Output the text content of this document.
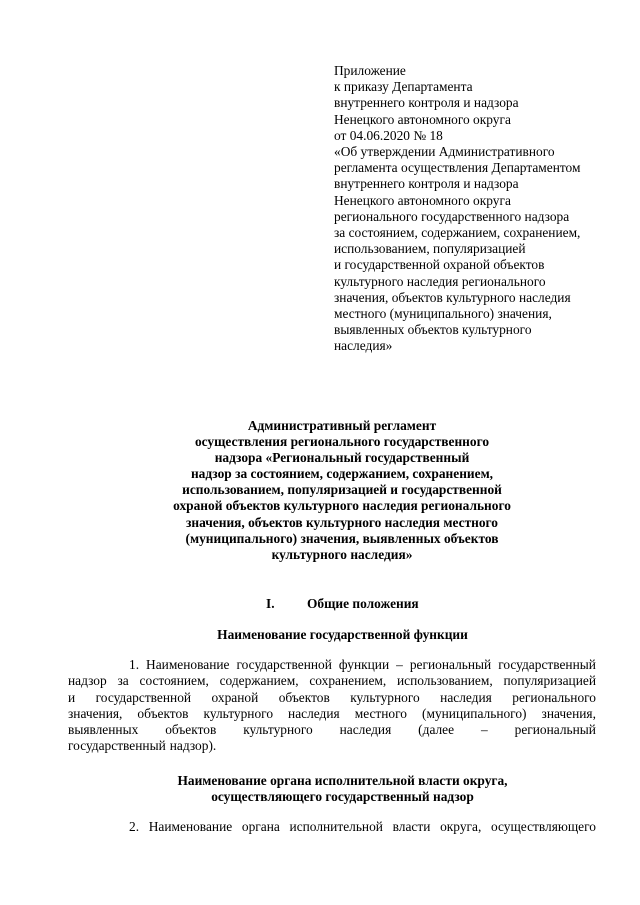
Приложение
к приказу Департамента
внутреннего контроля и надзора
Ненецкого автономного округа
от 04.06.2020 № 18
«Об утверждении Административного
регламента осуществления Департаментом
внутреннего контроля и надзора
Ненецкого автономного округа
регионального государственного надзора
за состоянием, содержанием, сохранением,
использованием, популяризацией
и государственной охраной объектов
культурного наследия регионального
значения, объектов культурного наследия
местного (муниципального) значения,
выявленных объектов культурного
наследия»
Административный регламент
осуществления регионального государственного
надзора «Региональный государственный
надзор за состоянием, содержанием, сохранением,
использованием, популяризацией и государственной
охраной объектов культурного наследия регионального
значения, объектов культурного наследия местного
(муниципального) значения, выявленных объектов
культурного наследия»
I. Общие положения
Наименование государственной функции
1. Наименование государственной функции – региональный государственный
надзор за состоянием, содержанием, сохранением, использованием, популяризацией
и государственной охраной объектов культурного наследия регионального
значения, объектов культурного наследия местного (муниципального) значения,
выявленных объектов культурного наследия (далее – региональный
государственный надзор).
Наименование органа исполнительной власти округа,
осуществляющего государственный надзор
2. Наименование органа исполнительной власти округа, осуществляющего
